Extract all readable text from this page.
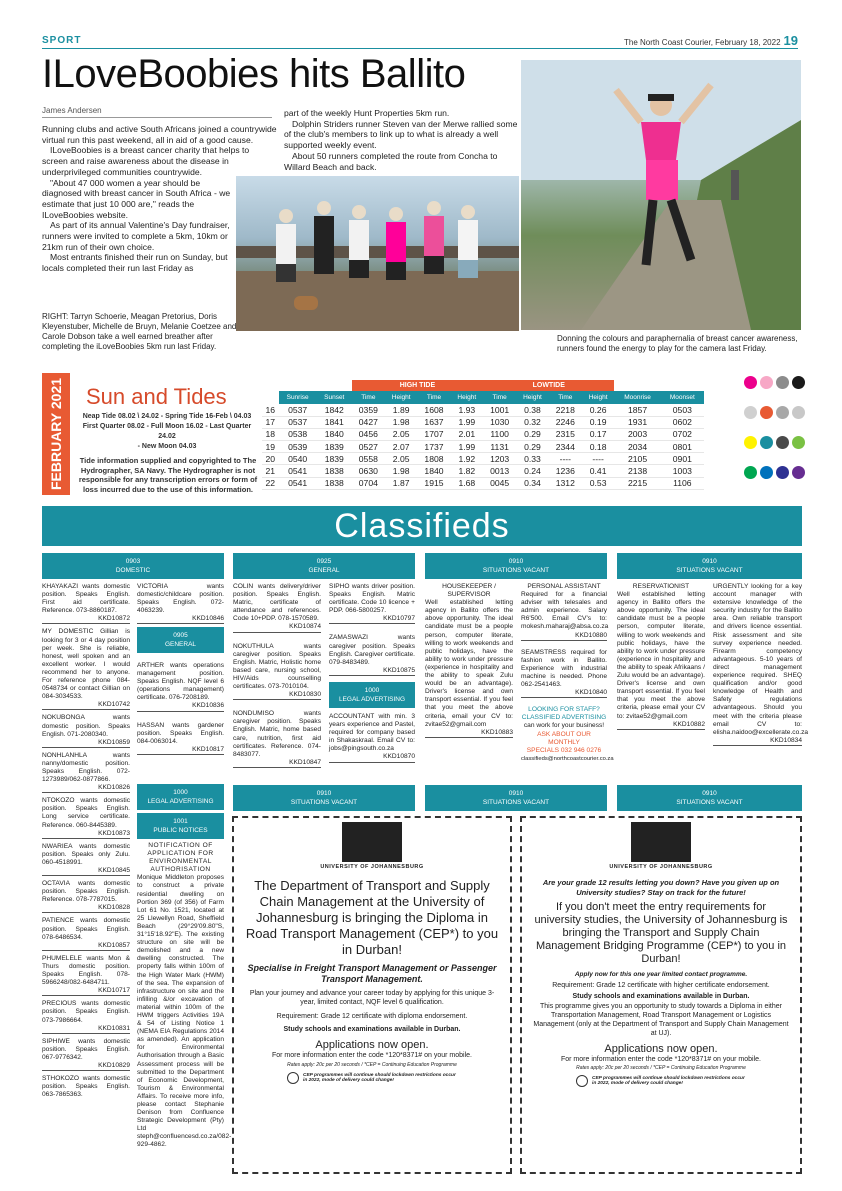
SPORT	The North Coast Courier, February 18, 2022 19
ILoveBoobies hits Ballito
James Andersen

Running clubs and active South Africans joined a countrywide virtual run this past weekend, all in aid of a good cause.

ILoveBoobies is a breast cancer charity that helps to screen and raise awareness about the disease in underprivileged communities countrywide.

"About 47 000 women a year should be diagnosed with breast cancer in South Africa - we estimate that just 10 000 are," reads the ILoveBoobies website.

As part of its annual Valentine's Day fundraiser, runners were invited to complete a 5km, 10km or 21km run of their own choice.

Most entrants finished their run on Sunday, but locals completed their run last Friday as

part of the weekly Hunt Properties 5km run.

Dolphin Striders runner Steven van der Merwe rallied some of the club's members to link up to what is already a well supported weekly event.

About 50 runners completed the route from Concha to Willard Beach and back.

RIGHT: Tarryn Schoerie, Meagan Pretorius, Doris Kleyenstuber, Michelle de Bruyn, Melanie Coetzee and Carole Dobson take a well earned breather after completing the iLoveBoobies 5km run last Friday.
Donning the colours and paraphernalia of breast cancer awareness, runners found the energy to play for the camera last Friday.
FEBRUARY 2021 Sun and Tides
Neap Tide 08.02 \ 24.02 - Spring Tide 16-Feb \ 04.03
First Quarter 08.02 - Full Moon 16.02 - Last Quarter 24.02
- New Moon 04.03
Tide information supplied and copyrighted to The Hydrographer, SA Navy. The Hydrographer is not responsible for any transcription errors or form of loss incurred due to the use of this information.
			HIGH TIDE				LOWTIDE					
	Sunrise	Sunset	Time	Height	Time	Height	Time	Height	Time	Height	Moonrise	Moonset
16	0537	1842	0359	1.89	1608	1.93	1001	0.38	2218	0.26	1857	0503
17	0537	1841	0427	1.98	1637	1.99	1030	0.32	2246	0.19	1931	0602
18	0538	1840	0456	2.05	1707	2.01	1100	0.29	2315	0.17	2003	0702
19	0539	1839	0527	2.07	1737	1.99	1131	0.29	2344	0.18	2034	0801
20	0540	1839	0558	2.05	1808	1.92	1203	0.33	----	----	2105	0901
21	0541	1838	0630	1.98	1840	1.82	0013	0.24	1236	0.41	2138	1003
22	0541	1838	0704	1.87	1915	1.68	0045	0.34	1312	0.53	2215	1106
Classifieds
0903
DOMESTIC
0925
GENERAL
0910
SITUATIONS VACANT
0910
SITUATIONS VACANT
0905
GENERAL
1000
LEGAL ADVERTISING
1001
PUBLIC NOTICES
1000
LEGAL ADVERTISING
0910
SITUATIONS VACANT
0910
SITUATIONS VACANT
0910
SITUATIONS VACANT
KHAYAKAZI wants domestic position. Speaks English. First aid certificate. Reference. 073-8860187.
KKD10872
MY DOMESTIC Gillian is looking for 3 or 4 day position per week. She is reliable, honest, well spoken and an excellent worker. I would recommend her to anyone. For reference phone 084-0548734 or contact Gillian on 084-3034533.
KKD10742
NOKUBONGA wants domestic position. Speaks English. 071-2080340.
KKD10859
NONHLANHLA wants nanny/domestic position. Speaks English. 072-1273989/062-0877866.
KKD10826
NTOKOZO wants domestic position. Speaks English. Long service certificate. Reference. 060-8445389.
KKD10873
NWARIEA wants domestic position. Speaks only Zulu. 060-4518991.
KKD10845
OCTAVIA wants domestic position. Speaks English. Reference. 078-7787015.
KKD10828
PATIENCE wants domestic position. Speaks English. 078-6486534.
KKD10857
PHUMELELE wants Mon & Thurs domestic position. Speaks English. 078-5966248/082-6484711.
KKD10717
PRECIOUS wants domestic position. Speaks English. 073-7986664.
KKD10831
SIPHIWE wants domestic position. Speaks English. 067-9776342.
KKD10829
STHOKOZO wants domestic position. Speaks English. 063-7865363.
VICTORIA wants domestic/childcare position. Speaks English. 072-4063239.
KKD10846
ARTHER wants operations management position. Speaks English. NQF level 6 (operations management) certificate. 076-7208189.
KKD10836
HASSAN wants gardener position. Speaks English. 084-0063014.
KKD10817
NOTIFICATION OF APPLICATION FOR ENVIRONMENTAL AUTHORISATION
Monique Middleton proposes to construct a private residential dwelling on Portion 369 (of 356) of Farm Lot 61 No. 1521, located at 25 Llewellyn Road, Sheffield Beach (29°29'09.80"S, 31°15'18.92"E). The existing structure on site will be demolished and a new dwelling constructed. The property falls within 100m of the High Water Mark (HWM) of the sea. The expansion of infrastructure on site and the infilling &/or excavation of material within 100m of the HWM triggers Activities 19A & 54 of Listing Notice 1 (NEMA EIA Regulations 2014 as amended). An application for Environmental Authorisation through a Basic Assessment process will be submitted to the Department of Economic Development, Tourism & Environmental Affairs. To receive more info, please contact Stephanie Denison from Confluence Strategic Development (Pty) Ltd steph@confluencesd.co.za/082-929-4862.
COLIN wants delivery/driver position. Speaks English. Matric, certificate of attendance and references. Code 10+PDP. 078-1570589.
KKD10874
NOKUTHULA wants caregiver position. Speaks English. Matric, Holistic home based care, nursing school, HIV/Aids counselling certificates. 073-7010104.
KKD10830
NONDUMISO wants caregiver position. Speaks English. Matric, home based care, nutrition, first aid certificates. Reference. 074-8483077.
KKD10847
SIPHO wants driver position. Speaks English. Matric certificate. Code 10 licence + PDP. 066-5800257.
KKD10797
ZAMASWAZI wants caregiver position. Speaks English. Caregiver certificate. 079-8483489.
KKD10875
ACCOUNTANT with min. 3 years experience and Pastel, required for company based in Shakaskraal. Email CV to: jobs@pingsouth.co.za
KKD10870
HOUSEKEEPER / SUPERVISOR
Well established letting agency in Ballito offers the above opportunity. The ideal candidate must be a people person, computer literate, willing to work weekends and public holidays, have the ability to work under pressure (experience in hospitality and the ability to speak Zulu would be an advantage). Driver's license and own transport essential. If you feel that you meet the above criteria, email your CV to: zvitae52@gmail.com
KKD10883
PERSONAL ASSISTANT
Required for a financial adviser with telesales and admin experience. Salary R6'500. Email CV's to: mokesh.maharaj@absa.co.za
KKD10880
SEAMSTRESS required for fashion work in Ballito. Experience with industrial machine is needed. Phone 062-2541463.
KKD10840
LOOKING FOR STAFF?
CLASSIFIED ADVERTISING
can work for your business!
ASK ABOUT OUR MONTHLY
SPECIALS 032 946 0276
classifieds@northcoastcourier.co.za
RESERVATIONIST
Well established letting agency in Ballito offers the above opportunity. The ideal candidate must be a people person, computer literate, willing to work weekends and public holidays, have the ability to work under pressure (experience in hospitality and the ability to speak Afrikaans / Zulu would be an advantage). Driver's license and own transport essential. If you feel that you meet the above criteria, please email your CV to: zvitae52@gmail.com
KKD10882
URGENTLY looking for a key account manager with extensive knowledge of the security industry for the Ballito area. Own reliable transport and drivers licence essential. Risk assessment and site survey experience needed. Firearm competency advantageous. 5-10 years of direct management experience required. SHEQ qualification and/or good knowledge of Health and Safety regulations advantageous. Should you meet with the criteria please email CV to: elisha.naidoo@excellerate.co.za
KKD10834
UNIVERSITY OF JOHANNESBURG
The Department of Transport and Supply Chain Management at the University of Johannesburg is bringing the Diploma in Road Transport Management (CEP*) to you in Durban!
Specialise in Freight Transport Management or Passenger Transport Management.
Plan your journey and advance your career today by applying for this unique 3-year, limited contact, NQF level 6 qualification.
Requirement: Grade 12 certificate with diploma endorsement.
Study schools and examinations available in Durban.
Applications now open.
For more information enter the code *120*8371# on your mobile.
Rates apply: 20c per 20 seconds / *CEP = Continuing Education Programme
CEP programmes will continue should lockdown restrictions occur in 2022, mode of delivery could change!
UNIVERSITY OF JOHANNESBURG
Are your grade 12 results letting you down? Have you given up on University studies? Stay on track for the future!
If you don't meet the entry requirements for university studies, the University of Johannesburg is bringing the Transport and Supply Chain Management Bridging Programme (CEP*) to you in Durban!
Apply now for this one year limited contact programme.
Requirement: Grade 12 certificate with higher certificate endorsement.
Study schools and examinations available in Durban.
This programme gives you an opportunity to study towards a Diploma in either Transportation Management, Road Transport Management or Logistics Management (only at the Department of Transport and Supply Chain Management at UJ).
Applications now open.
For more information enter the code *120*8371# on your mobile.
Rates apply: 20c per 20 seconds / *CEP = Continuing Education Programme
CEP programmes will continue should lockdown restrictions occur in 2022, mode of delivery could change!
